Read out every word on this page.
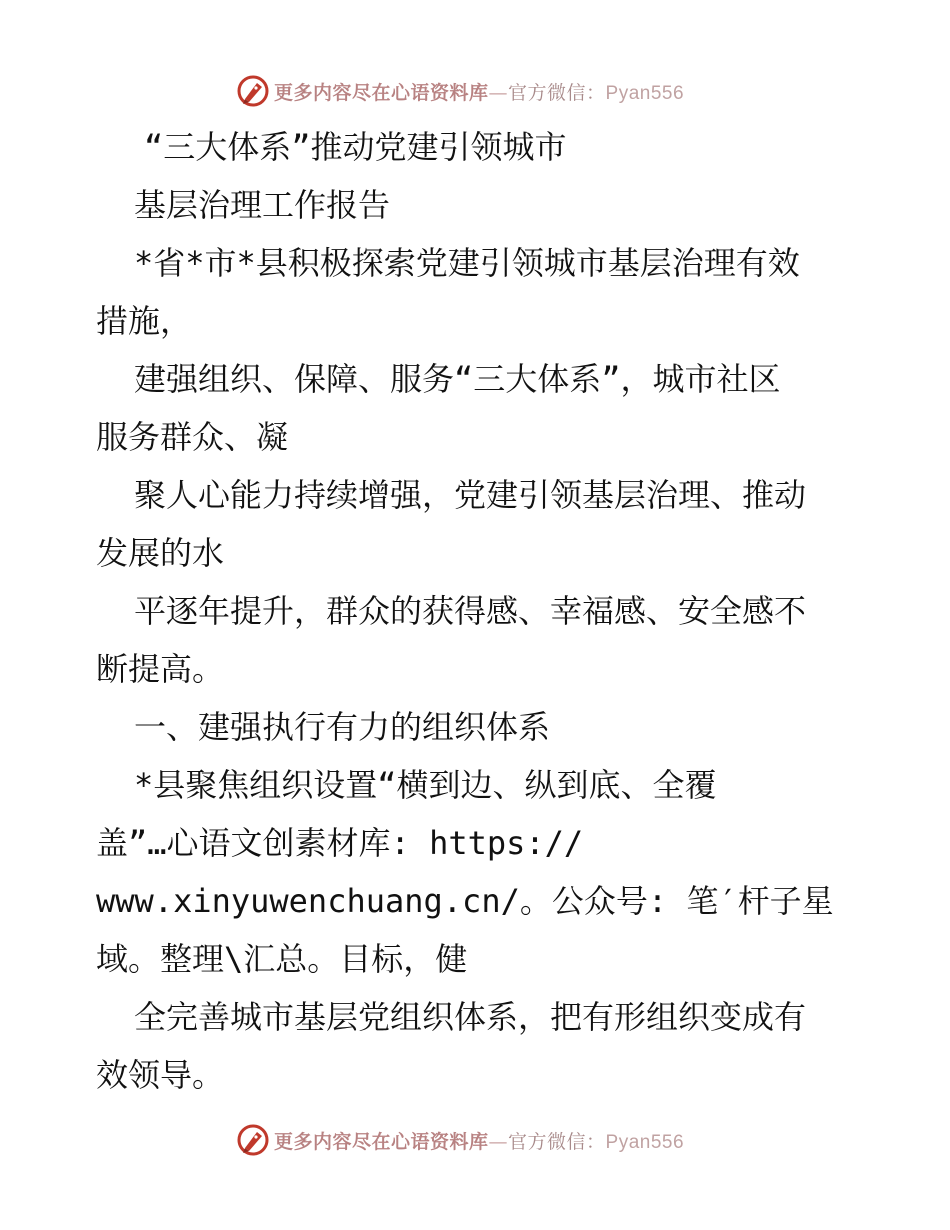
更多内容尽在心语资料库—官方微信：Pyan556
“三大体系”推动党建引领城市
基层治理工作报告
*省*市*县积极探索党建引领城市基层治理有效
措施，
建强组织、保障、服务“三大体系”，城市社区
服务群众、凝
聚人心能力持续增强，党建引领基层治理、推动
发展的水
平逐年提升，群众的获得感、幸福感、安全感不
断提高。
一、建强执行有力的组织体系
*县聚焦组织设置“横到边、纵到底、全覆
盖”…心语文创素材库: https://
www.xinyuwenchuang.cn/。公众号: 笔′杆子星
域。整理\汇总。目标，健
全完善城市基层党组织体系，把有形组织变成有
效领导。
更多内容尽在心语资料库—官方微信：Pyan556
